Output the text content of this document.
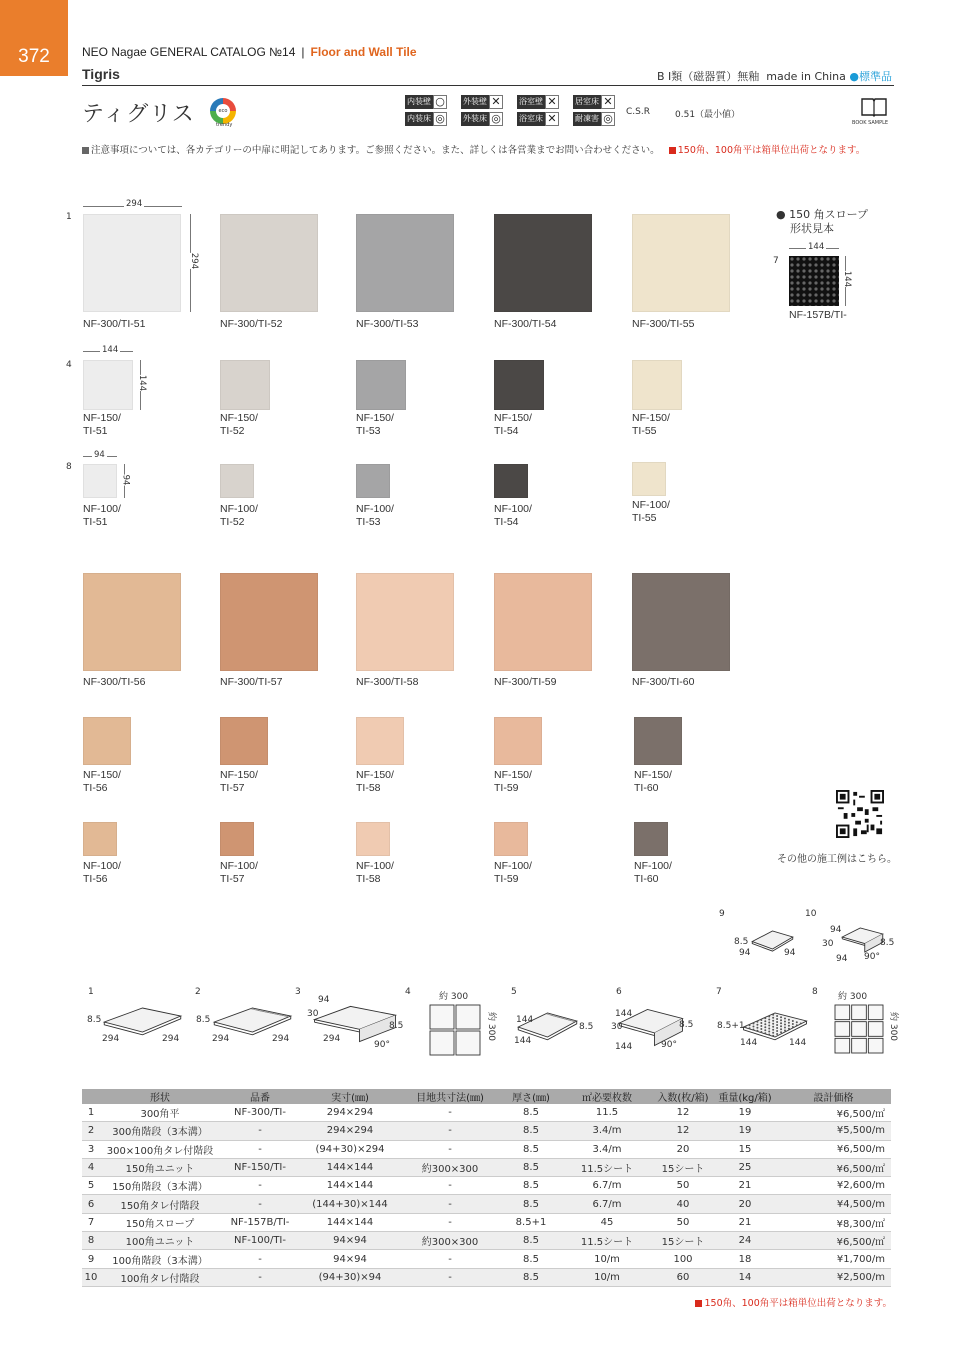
372	NEO Nagae GENERAL CATALOG №14 | Floor and Wall Tile
Tigris	B Ⅰ類（磁器質）無釉 made in China ●標準品
ティグリス	eco trendy
内装壁 ○ 外装壁 ✕ 浴室壁 ✕ 居室床 ✕
内装床 ◎ 外装床 ◎ 浴室床 ✕ 耐凍害 ◎ C.S.R	0.51（最小値）
BOOK SAMPLE
注意事項については、各カテゴリーの中扉に明記してあります。ご参照ください。また、詳しくは各営業までお問い合わせください。 150角、100角平は箱単位出荷となります。
1
4
8
294
294
144
144
94
94
NF-300/TI-51	NF-300/TI-52	NF-300/TI-53	NF-300/TI-54	NF-300/TI-55
NF-150/
TI-51
NF-150/
TI-52
NF-150/
TI-53
NF-150/
TI-54
NF-150/
TI-55
NF-100/
TI-51
NF-100/
TI-52
NF-100/
TI-53
NF-100/
TI-54
NF-100/
TI-55
NF-300/TI-56	NF-300/TI-57	NF-300/TI-58	NF-300/TI-59	NF-300/TI-60
NF-150/
TI-56
NF-150/
TI-57
NF-150/
TI-58
NF-150/
TI-59
NF-150/
TI-60
NF-100/
TI-56
NF-100/
TI-57
NF-100/
TI-58
NF-100/
TI-59
NF-100/
TI-60
● 150 角スロープ
形状見本
7
144
144
NF-157B/TI-
その他の施工例はこちら。
1
8.5
294	294
2
8.5
294	294
3
94
30
8.5
294
90°
4	約 300
約 300
5
144
8.5
144
6
144
30	8.5
144	90°
7
8.5+1
144	144
8 約 300
約 300
9
8.5
94	94
10
94
30	8.5
94 90°
	形状	品番	実寸(㎜)	目地共寸法(㎜)	厚さ(㎜)	㎡必要枚数	入数(枚/箱)	重量(kg/箱)	設計価格
1	300角平	NF-300/TI-	294×294	-	8.5	11.5	12	19	¥6,500/㎡
2	300角階段（3本溝）	-	294×294	-	8.5	3.4/m	12	19	¥5,500/m
3	300×100角タレ付階段	-	(94+30)×294	-	8.5	3.4/m	20	15	¥6,500/m
4	150角ユニット	NF-150/TI-	144×144	約300×300	8.5	11.5シート	15シート	25	¥6,500/㎡
5	150角階段（3本溝）	-	144×144	-	8.5	6.7/m	50	21	¥2,600/m
6	150角タレ付階段	-	(144+30)×144	-	8.5	6.7/m	40	20	¥4,500/m
7	150角スロープ	NF-157B/TI-	144×144	-	8.5+1	45	50	21	¥8,300/㎡
8	100角ユニット	NF-100/TI-	94×94	約300×300	8.5	11.5シート	15シート	24	¥6,500/㎡
9	100角階段（3本溝）	-	94×94	-	8.5	10/m	100	18	¥1,700/m
10	100角タレ付階段	-	(94+30)×94	-	8.5	10/m	60	14	¥2,500/m
150角、100角平は箱単位出荷となります。
